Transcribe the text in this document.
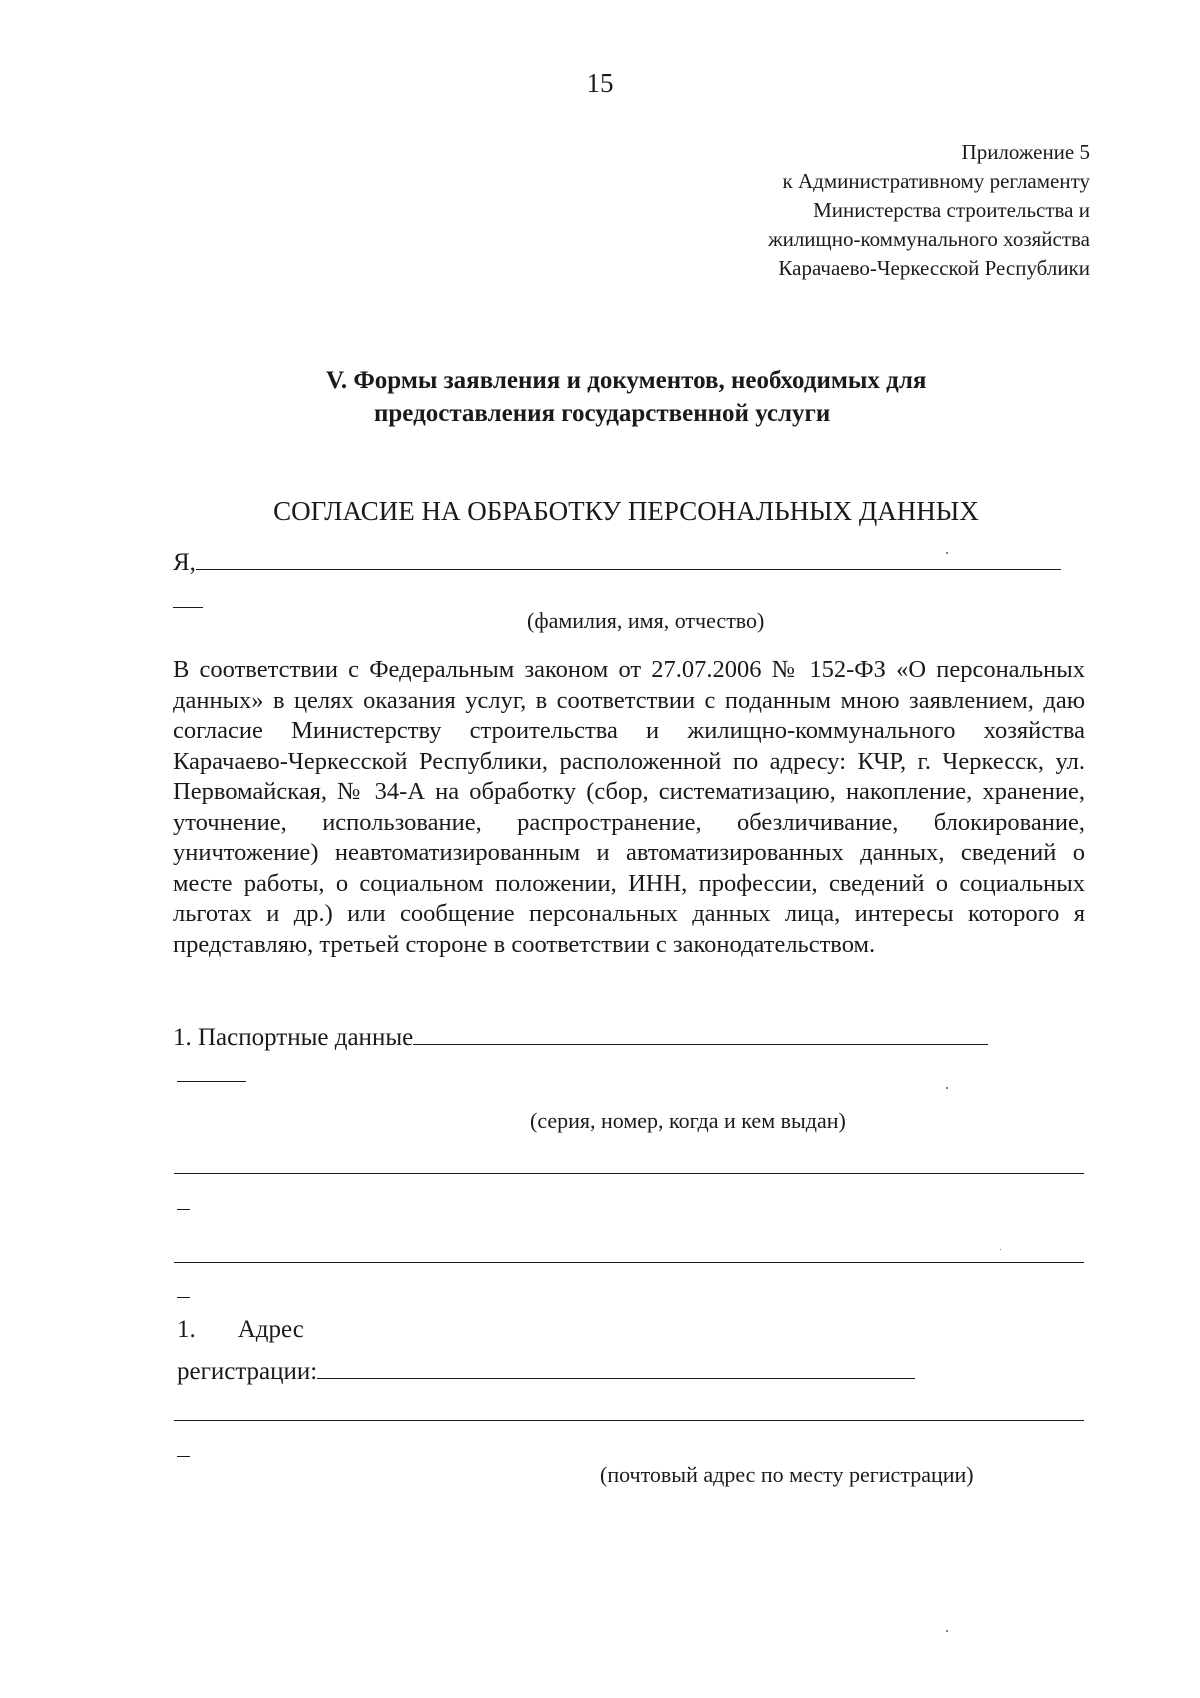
15
Приложение 5
к Административному регламенту
Министерства строительства и
жилищно-коммунального хозяйства
Карачаево-Черкесской Республики
V. Формы заявления и документов, необходимых для
предоставления государственной услуги
СОГЛАСИЕ НА ОБРАБОТКУ ПЕРСОНАЛЬНЫХ ДАННЫХ
Я,
(фамилия, имя, отчество)
В соответствии с Федеральным законом от 27.07.2006 № 152-ФЗ «О персональных данных» в целях оказания услуг, в соответствии с поданным мною заявлением, даю согласие Министерству строительства и жилищно-коммунального хозяйства Карачаево-Черкесской Республики, расположенной по адресу: КЧР, г. Черкесск, ул. Первомайская, № 34-А на обработку (сбор, систематизацию, накопление, хранение, уточнение, использование, распространение, обезличивание, блокирование, уничтожение) неавтоматизированным и автоматизированных данных, сведений о месте работы, о социальном положении, ИНН, профессии, сведений о социальных льготах и др.) или сообщение персональных данных лица, интересы которого я представляю, третьей стороне в соответствии с законодательством.
1. Паспортные данные
(серия, номер, когда и кем выдан)
1. Адрес
регистрации:
(почтовый адрес по месту регистрации)
